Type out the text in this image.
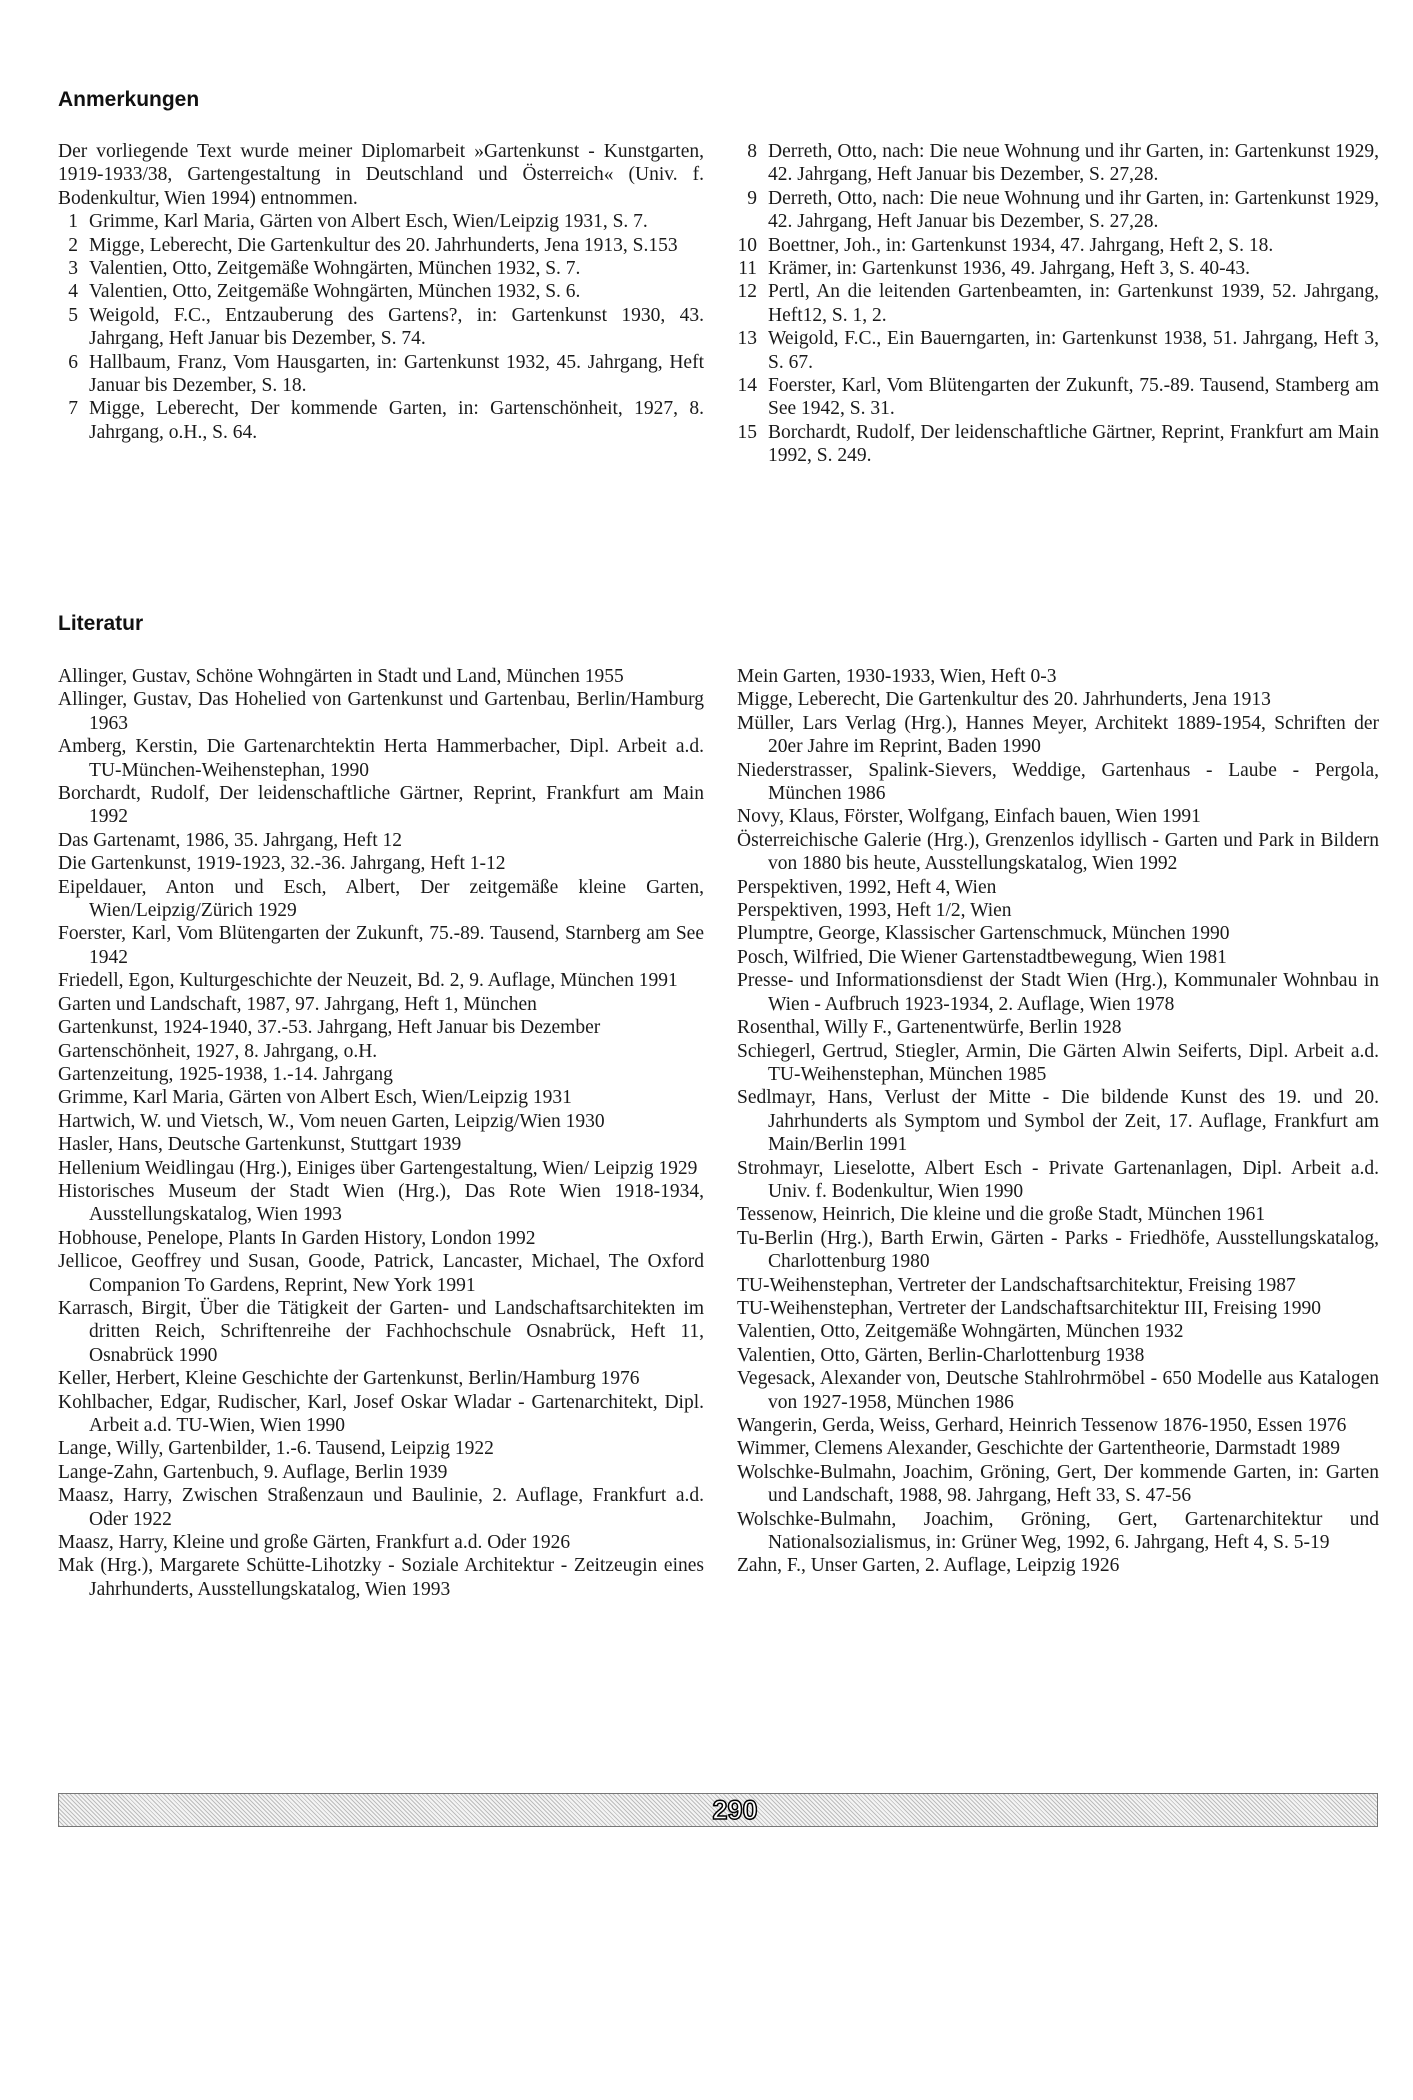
Anmerkungen

Der vorliegende Text wurde meiner Diplomarbeit »Gartenkunst - Kunstgarten, 1919-1933/38, Gartengestaltung in Deutschland und Österreich« (Univ. f. Bodenkultur, Wien 1994) entnommen.

1 Grimme, Karl Maria, Gärten von Albert Esch, Wien/Leipzig 1931, S. 7.
2 Migge, Leberecht, Die Gartenkultur des 20. Jahrhunderts, Jena 1913, S.153
3 Valentien, Otto, Zeitgemäße Wohngärten, München 1932, S. 7.
4 Valentien, Otto, Zeitgemäße Wohngärten, München 1932, S. 6.
5 Weigold, F.C., Entzauberung des Gartens?, in: Gartenkunst 1930, 43. Jahrgang, Heft Januar bis Dezember, S. 74.
6 Hallbaum, Franz, Vom Hausgarten, in: Gartenkunst 1932, 45. Jahrgang, Heft Januar bis Dezember, S. 18.
7 Migge, Leberecht, Der kommende Garten, in: Gartenschönheit, 1927, 8. Jahrgang, o.H., S. 64.
8 Derreth, Otto, nach: Die neue Wohnung und ihr Garten, in: Gartenkunst 1929, 42. Jahrgang, Heft Januar bis Dezember, S. 27,28.
9 Derreth, Otto, nach: Die neue Wohnung und ihr Garten, in: Gartenkunst 1929, 42. Jahrgang, Heft Januar bis Dezember, S. 27,28.
10 Boettner, Joh., in: Gartenkunst 1934, 47. Jahrgang, Heft 2, S. 18.
11 Krämer, in: Gartenkunst 1936, 49. Jahrgang, Heft 3, S. 40-43.
12 Pertl, An die leitenden Gartenbeamten, in: Gartenkunst 1939, 52. Jahrgang, Heft12, S. 1, 2.
13 Weigold, F.C., Ein Bauerngarten, in: Gartenkunst 1938, 51. Jahrgang, Heft 3, S. 67.
14 Foerster, Karl, Vom Blütengarten der Zukunft, 75.-89. Tausend, Stamberg am See 1942, S. 31.
15 Borchardt, Rudolf, Der leidenschaftliche Gärtner, Reprint, Frankfurt am Main 1992, S. 249.
Literatur
Allinger, Gustav, Schöne Wohngärten in Stadt und Land, München 1955
Allinger, Gustav, Das Hohelied von Gartenkunst und Gartenbau, Berlin/Hamburg 1963
Amberg, Kerstin, Die Gartenarchtektin Herta Hammerbacher, Dipl. Arbeit a.d. TU-München-Weihenstephan, 1990
Borchardt, Rudolf, Der leidenschaftliche Gärtner, Reprint, Frankfurt am Main 1992
Das Gartenamt, 1986, 35. Jahrgang, Heft 12
Die Gartenkunst, 1919-1923, 32.-36. Jahrgang, Heft 1-12
Eipeldauer, Anton und Esch, Albert, Der zeitgemäße kleine Garten, Wien/Leipzig/Zürich 1929
Foerster, Karl, Vom Blütengarten der Zukunft, 75.-89. Tausend, Starnberg am See 1942
Friedell, Egon, Kulturgeschichte der Neuzeit, Bd. 2, 9. Auflage, München 1991
Garten und Landschaft, 1987, 97. Jahrgang, Heft 1, München
Gartenkunst, 1924-1940, 37.-53. Jahrgang, Heft Januar bis Dezember
Gartenschönheit, 1927, 8. Jahrgang, o.H.
Gartenzeitung, 1925-1938, 1.-14. Jahrgang
Grimme, Karl Maria, Gärten von Albert Esch, Wien/Leipzig 1931
Hartwich, W. und Vietsch, W., Vom neuen Garten, Leipzig/Wien 1930
Hasler, Hans, Deutsche Gartenkunst, Stuttgart 1939
Hellenium Weidlingau (Hrg.), Einiges über Gartengestaltung, Wien/ Leipzig 1929
Historisches Museum der Stadt Wien (Hrg.), Das Rote Wien 1918-1934, Ausstellungskatalog, Wien 1993
Hobhouse, Penelope, Plants In Garden History, London 1992
Jellicoe, Geoffrey und Susan, Goode, Patrick, Lancaster, Michael, The Oxford Companion To Gardens, Reprint, New York 1991
Karrasch, Birgit, Über die Tätigkeit der Garten- und Landschaftsarchitekten im dritten Reich, Schriftenreihe der Fachhochschule Osnabrück, Heft 11, Osnabrück 1990
Keller, Herbert, Kleine Geschichte der Gartenkunst, Berlin/Hamburg 1976
Kohlbacher, Edgar, Rudischer, Karl, Josef Oskar Wladar - Gartenarchitekt, Dipl. Arbeit a.d. TU-Wien, Wien 1990
Lange, Willy, Gartenbilder, 1.-6. Tausend, Leipzig 1922
Lange-Zahn, Gartenbuch, 9. Auflage, Berlin 1939
Maasz, Harry, Zwischen Straßenzaun und Baulinie, 2. Auflage, Frankfurt a.d. Oder 1922
Maasz, Harry, Kleine und große Gärten, Frankfurt a.d. Oder 1926
Mak (Hrg.), Margarete Schütte-Lihotzky - Soziale Architektur - Zeitzeugin eines Jahrhunderts, Ausstellungskatalog, Wien 1993
Mein Garten, 1930-1933, Wien, Heft 0-3
Migge, Leberecht, Die Gartenkultur des 20. Jahrhunderts, Jena 1913
Müller, Lars Verlag (Hrg.), Hannes Meyer, Architekt 1889-1954, Schriften der 20er Jahre im Reprint, Baden 1990
Niederstrasser, Spalink-Sievers, Weddige, Gartenhaus - Laube - Pergola, München 1986
Novy, Klaus, Förster, Wolfgang, Einfach bauen, Wien 1991
Österreichische Galerie (Hrg.), Grenzenlos idyllisch - Garten und Park in Bildern von 1880 bis heute, Ausstellungskatalog, Wien 1992
Perspektiven, 1992, Heft 4, Wien
Perspektiven, 1993, Heft 1/2, Wien
Plumptre, George, Klassischer Gartenschmuck, München 1990
Posch, Wilfried, Die Wiener Gartenstadtbewegung, Wien 1981
Presse- und Informationsdienst der Stadt Wien (Hrg.), Kommunaler Wohnbau in Wien - Aufbruch 1923-1934, 2. Auflage, Wien 1978
Rosenthal, Willy F., Gartenentwürfe, Berlin 1928
Schiegerl, Gertrud, Stiegler, Armin, Die Gärten Alwin Seiferts, Dipl. Arbeit a.d. TU-Weihenstephan, München 1985
Sedlmayr, Hans, Verlust der Mitte - Die bildende Kunst des 19. und 20. Jahrhunderts als Symptom und Symbol der Zeit, 17. Auflage, Frankfurt am Main/Berlin 1991
Strohmayr, Lieselotte, Albert Esch - Private Gartenanlagen, Dipl. Arbeit a.d. Univ. f. Bodenkultur, Wien 1990
Tessenow, Heinrich, Die kleine und die große Stadt, München 1961
Tu-Berlin (Hrg.), Barth Erwin, Gärten - Parks - Friedhöfe, Ausstellungskatalog, Charlottenburg 1980
TU-Weihenstephan, Vertreter der Landschaftsarchitektur, Freising 1987
TU-Weihenstephan, Vertreter der Landschaftsarchitektur III, Freising 1990
Valentien, Otto, Zeitgemäße Wohngärten, München 1932
Valentien, Otto, Gärten, Berlin-Charlottenburg 1938
Vegesack, Alexander von, Deutsche Stahlrohrmöbel - 650 Modelle aus Katalogen von 1927-1958, München 1986
Wangerin, Gerda, Weiss, Gerhard, Heinrich Tessenow 1876-1950, Essen 1976
Wimmer, Clemens Alexander, Geschichte der Gartentheorie, Darmstadt 1989
Wolschke-Bulmahn, Joachim, Gröning, Gert, Der kommende Garten, in: Garten und Landschaft, 1988, 98. Jahrgang, Heft 33, S. 47-56
Wolschke-Bulmahn, Joachim, Gröning, Gert, Gartenarchitektur und Nationalsozialismus, in: Grüner Weg, 1992, 6. Jahrgang, Heft 4, S. 5-19
Zahn, F., Unser Garten, 2. Auflage, Leipzig 1926
290
